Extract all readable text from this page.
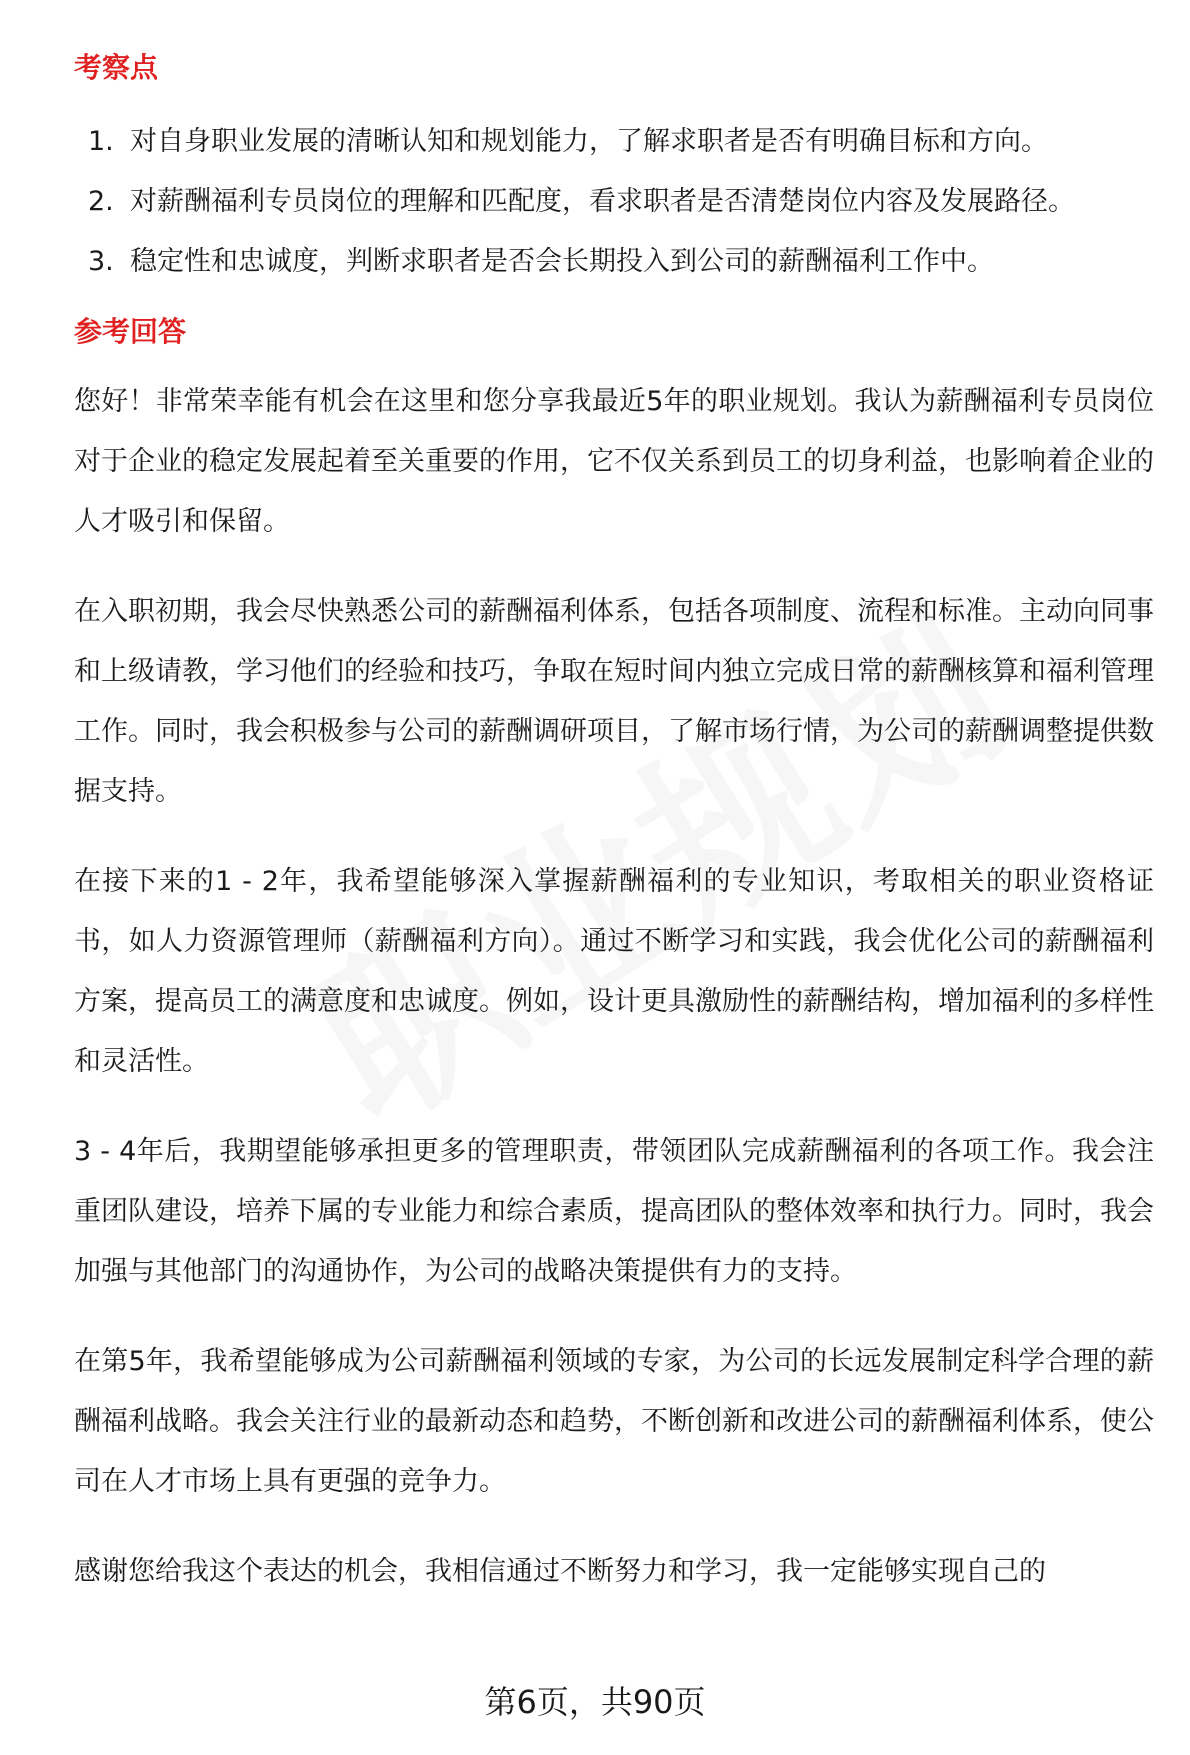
考察点
1. 对自身职业发展的清晰认知和规划能力，了解求职者是否有明确目标和方向。
2. 对薪酬福利专员岗位的理解和匹配度，看求职者是否清楚岗位内容及发展路径。
3. 稳定性和忠诚度，判断求职者是否会长期投入到公司的薪酬福利工作中。
参考回答

您好！非常荣幸能有机会在这里和您分享我最近5年的职业规划。我认为薪酬福利专员岗位对于企业的稳定发展起着至关重要的作用，它不仅关系到员工的切身利益，也影响着企业的人才吸引和保留。

在入职初期，我会尽快熟悉公司的薪酬福利体系，包括各项制度、流程和标准。主动向同事和上级请教，学习他们的经验和技巧，争取在短时间内独立完成日常的薪酬核算和福利管理工作。同时，我会积极参与公司的薪酬调研项目，了解市场行情，为公司的薪酬调整提供数据支持。

在接下来的1 - 2年，我希望能够深入掌握薪酬福利的专业知识，考取相关的职业资格证书，如人力资源管理师（薪酬福利方向）。通过不断学习和实践，我会优化公司的薪酬福利方案，提高员工的满意度和忠诚度。例如，设计更具激励性的薪酬结构，增加福利的多样性和灵活性。

3 - 4年后，我期望能够承担更多的管理职责，带领团队完成薪酬福利的各项工作。我会注重团队建设，培养下属的专业能力和综合素质，提高团队的整体效率和执行力。同时，我会加强与其他部门的沟通协作，为公司的战略决策提供有力的支持。

在第5年，我希望能够成为公司薪酬福利领域的专家，为公司的长远发展制定科学合理的薪酬福利战略。我会关注行业的最新动态和趋势，不断创新和改进公司的薪酬福利体系，使公司在人才市场上具有更强的竞争力。

感谢您给我这个表达的机会，我相信通过不断努力和学习，我一定能够实现自己的

第6页，共90页
